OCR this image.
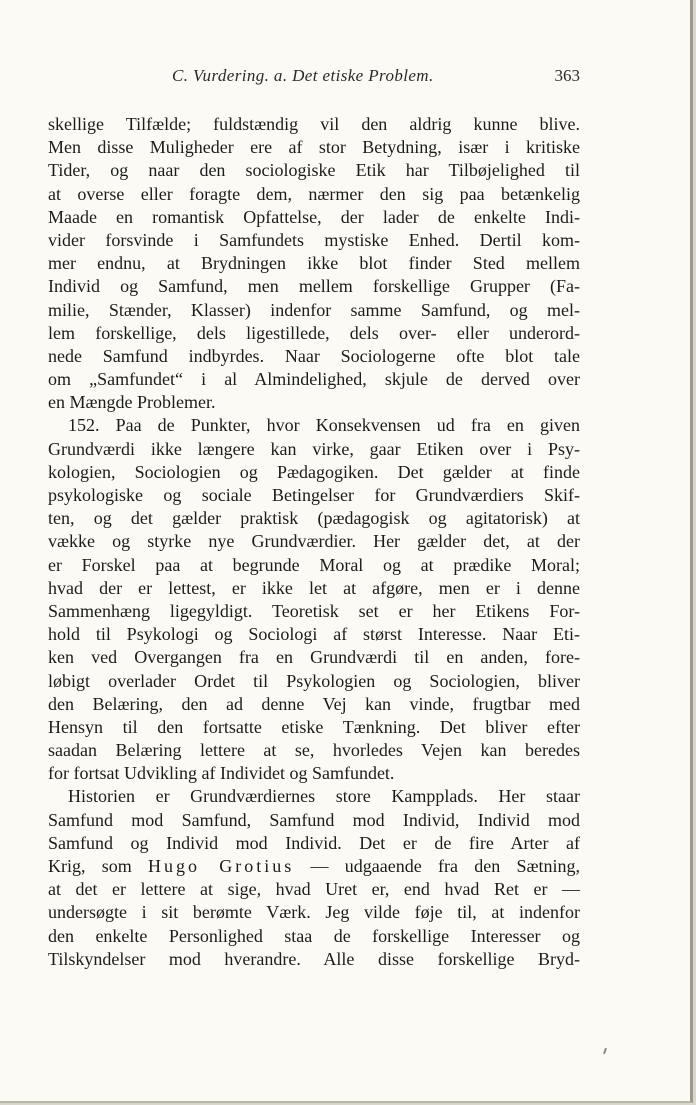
C. Vurdering. a. Det etiske Problem.	363
skellige Tilfælde; fuldstændig vil den aldrig kunne blive.
Men disse Muligheder ere af stor Betydning, især i kritiske
Tider, og naar den sociologiske Etik har Tilbøjelighed til
at overse eller foragte dem, nærmer den sig paa betænkelig
Maade en romantisk Opfattelse, der lader de enkelte Indi-
vider forsvinde i Samfundets mystiske Enhed. Dertil kom-
mer endnu, at Brydningen ikke blot finder Sted mellem
Individ og Samfund, men mellem forskellige Grupper (Fa-
milie, Stænder, Klasser) indenfor samme Samfund, og mel-
lem forskellige, dels ligestillede, dels over- eller underord-
nede Samfund indbyrdes. Naar Sociologerne ofte blot tale
om „Samfundet“ i al Almindelighed, skjule de derved over
en Mængde Problemer.
152. Paa de Punkter, hvor Konsekvensen ud fra en given
Grundværdi ikke længere kan virke, gaar Etiken over i Psy-
kologien, Sociologien og Pædagogiken. Det gælder at finde
psykologiske og sociale Betingelser for Grundværdiers Skif-
ten, og det gælder praktisk (pædagogisk og agitatorisk) at
vække og styrke nye Grundværdier. Her gælder det, at der
er Forskel paa at begrunde Moral og at prædike Moral;
hvad der er lettest, er ikke let at afgøre, men er i denne
Sammenhæng ligegyldigt. Teoretisk set er her Etikens For-
hold til Psykologi og Sociologi af størst Interesse. Naar Eti-
ken ved Overgangen fra en Grundværdi til en anden, fore-
løbigt overlader Ordet til Psykologien og Sociologien, bliver
den Belæring, den ad denne Vej kan vinde, frugtbar med
Hensyn til den fortsatte etiske Tænkning. Det bliver efter
saadan Belæring lettere at se, hvorledes Vejen kan beredes
for fortsat Udvikling af Individet og Samfundet.
Historien er Grundværdiernes store Kampplads. Her staar
Samfund mod Samfund, Samfund mod Individ, Individ mod
Samfund og Individ mod Individ. Det er de fire Arter af
Krig, som Hugo Grotius — udgaaende fra den Sætning,
at det er lettere at sige, hvad Uret er, end hvad Ret er —
undersøgte i sit berømte Værk. Jeg vilde føje til, at indenfor
den enkelte Personlighed staa de forskellige Interesser og
Tilskyndelser mod hverandre. Alle disse forskellige Bryd-
